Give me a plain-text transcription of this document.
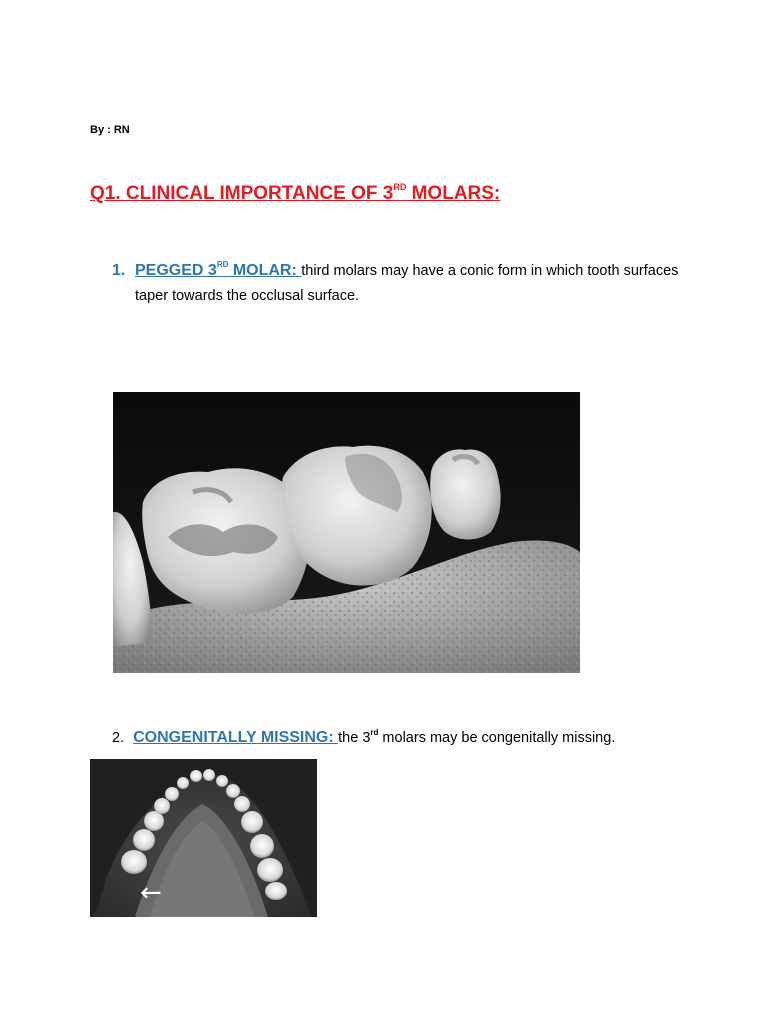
By : RN
Q1. CLINICAL IMPORTANCE OF 3RD MOLARS:
1. PEGGED 3RD MOLAR: third molars may have a conic form in which tooth surfaces taper towards the occlusal surface.
2. CONGENITALLY MISSING: the 3rd molars may be congenitally missing.
←
